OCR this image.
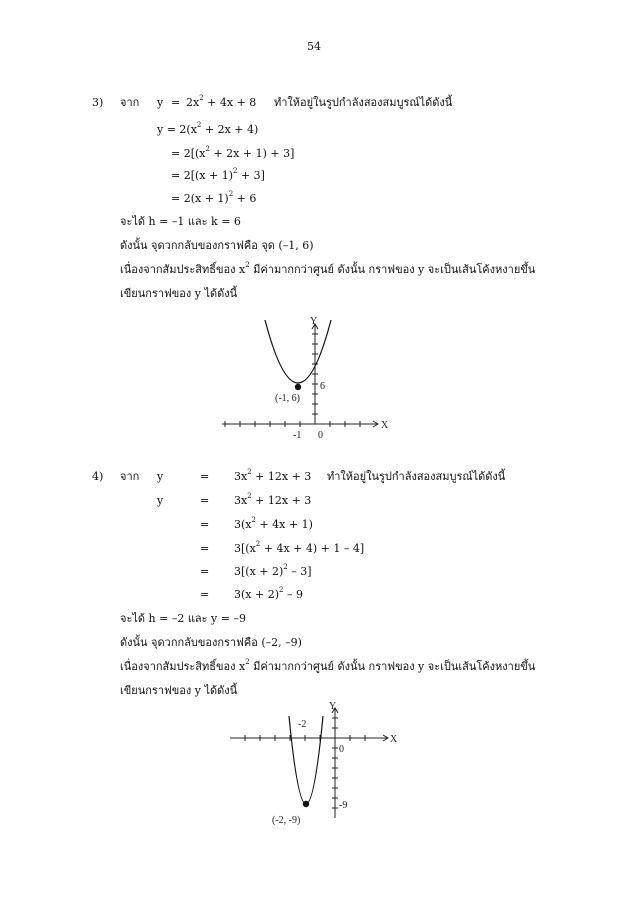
54
3) จาก $y = 2x^2 + 4x + 8$ ทำให้อยู่ในรูปกำลังสองสมบูรณ์ได้ดังนี้
$y = 2(x^2 + 2x + 4)$
= $2[(x^2 + 2x + 1) + 3]$
= $2[(x + 1)^2 + 3]$
= $2(x + 1)^2 + 6$
จะได้ h = –1 และ k = 6
ดังนั้น จุดวกกลับของกราฟคือ จุด (–1, 6)
เนื่องจากสัมประสิทธิ์ของ $x^2$ มีค่ามากกว่าศูนย์ ดังนั้น กราฟของ y จะเป็นเส้นโค้งหงายขึ้น
เขียนกราฟของ y ได้ดังนี้
Y
X
6
(-1, 6)
-1 0
4) จาก y	= $3x^2 + 12x + 3$ ทำให้อยู่ในรูปกำลังสองสมบูรณ์ได้ดังนี้
y	= $3x^2 + 12x + 3$
= $3(x^2 + 4x + 1)$
= $3[(x^2 + 4x + 4) + 1 - 4]$
= $3[(x + 2)^2 - 3]$
= $3(x + 2)^2 - 9$
จะได้ h = –2 และ y = –9
ดังนั้น จุดวกกลับของกราฟคือ (–2, –9)
เนื่องจากสัมประสิทธิ์ของ $x^2$ มีค่ามากกว่าศูนย์ ดังนั้น กราฟของ y จะเป็นเส้นโค้งหงายขึ้น
เขียนกราฟของ y ได้ดังนี้
Y
X
-2
0
-9
(-2, -9)
